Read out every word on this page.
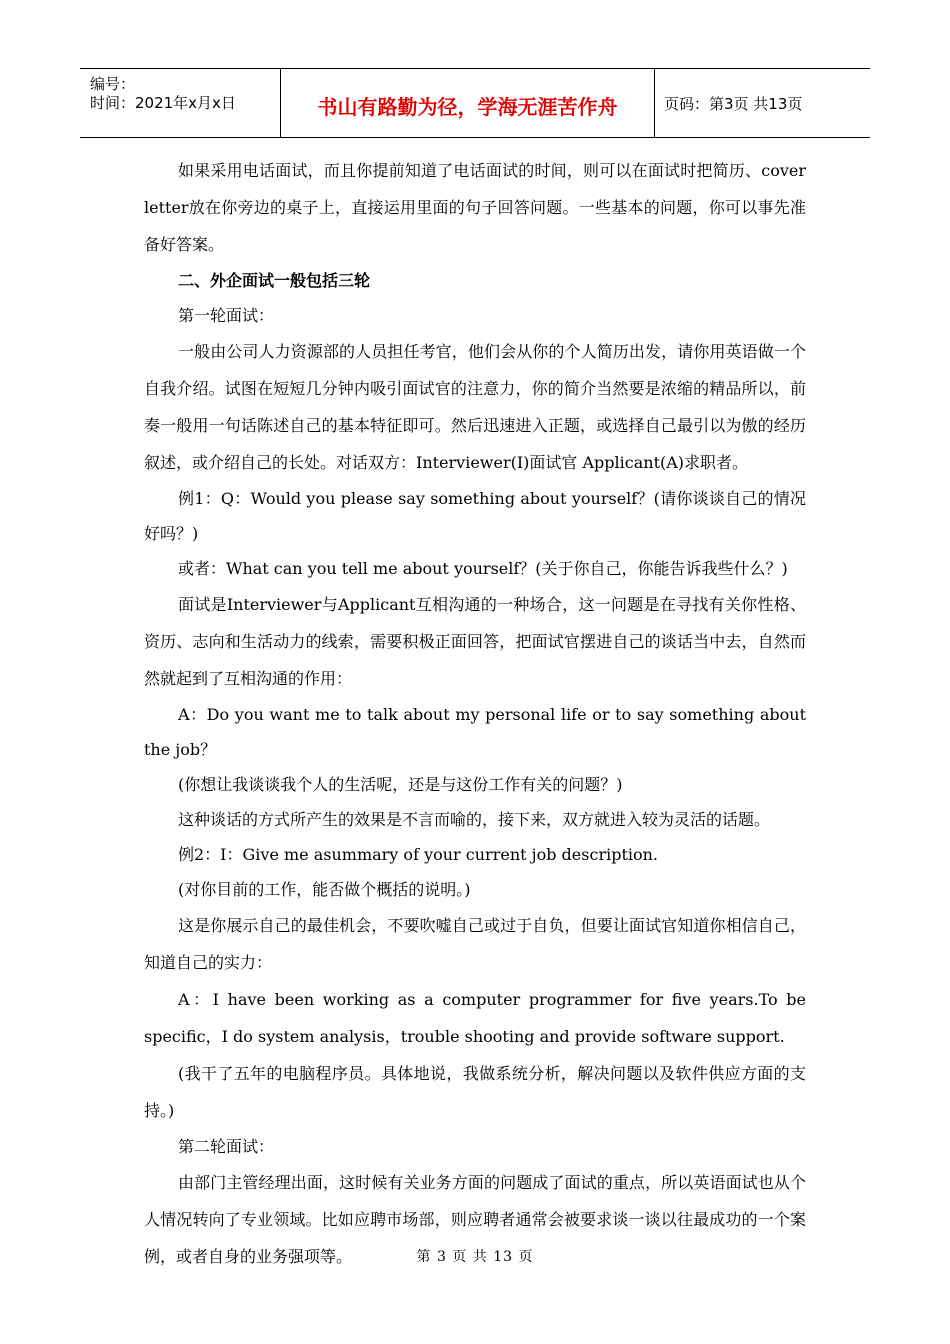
编号：
时间：2021年x月x日	书山有路勤为径，学海无涯苦作舟	页码：第3页 共13页

如果采用电话面试，而且你提前知道了电话面试的时间，则可以在面试时把简历、cover letter放在你旁边的桌子上，直接运用里面的句子回答问题。一些基本的问题，你可以事先准备好答案。

二、外企面试一般包括三轮

第一轮面试：

一般由公司人力资源部的人员担任考官，他们会从你的个人简历出发，请你用英语做一个自我介绍。试图在短短几分钟内吸引面试官的注意力，你的简介当然要是浓缩的精品所以，前奏一般用一句话陈述自己的基本特征即可。然后迅速进入正题，或选择自己最引以为傲的经历叙述，或介绍自己的长处。对话双方：Interviewer(I)面试官 Applicant(A)求职者。

例1：Q：Would you please say something about yourself？(请你谈谈自己的情况好吗？)

或者：What can you tell me about yourself？(关于你自己，你能告诉我些什么？)

面试是Interviewer与Applicant互相沟通的一种场合，这一问题是在寻找有关你性格、资历、志向和生活动力的线索，需要积极正面回答，把面试官摆进自己的谈话当中去，自然而然就起到了互相沟通的作用：

A：Do you want me to talk about my personal life or to say something about the job？

(你想让我谈谈我个人的生活呢，还是与这份工作有关的问题？)

这种谈话的方式所产生的效果是不言而喻的，接下来，双方就进入较为灵活的话题。

例2：I：Give me asummary of your current job description.

(对你目前的工作，能否做个概括的说明。)

这是你展示自己的最佳机会，不要吹嘘自己或过于自负，但要让面试官知道你相信自己，知道自己的实力：

A：I have been working as a computer programmer for five years.To be specific，I do system analysis，trouble shooting and provide software support.

(我干了五年的电脑程序员。具体地说，我做系统分析，解决问题以及软件供应方面的支持。)

第二轮面试：

由部门主管经理出面，这时候有关业务方面的问题成了面试的重点，所以英语面试也从个人情况转向了专业领域。比如应聘市场部，则应聘者通常会被要求谈一谈以往最成功的一个案例，或者自身的业务强项等。	第 3 页 共 13 页
